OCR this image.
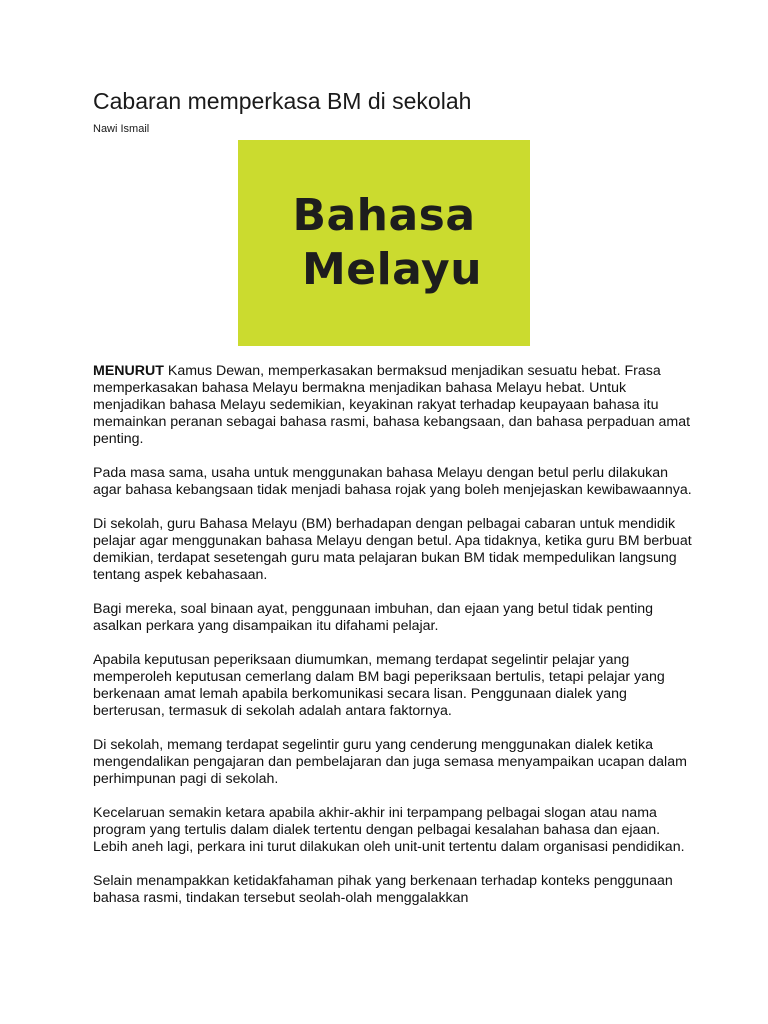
Cabaran memperkasa BM di sekolah
Nawi Ismail
Bahasa
Melayu

MENURUT Kamus Dewan, memperkasakan bermaksud menjadikan sesuatu hebat. Frasa memperkasakan bahasa Melayu bermakna menjadikan bahasa Melayu hebat. Untuk menjadikan bahasa Melayu sedemikian, keyakinan rakyat terhadap keupayaan bahasa itu memainkan peranan sebagai bahasa rasmi, bahasa kebangsaan, dan bahasa perpaduan amat penting.

Pada masa sama, usaha untuk menggunakan bahasa Melayu dengan betul perlu dilakukan agar bahasa kebangsaan tidak menjadi bahasa rojak yang boleh menjejaskan kewibawaannya.

Di sekolah, guru Bahasa Melayu (BM) berhadapan dengan pelbagai cabaran untuk mendidik pelajar agar menggunakan bahasa Melayu dengan betul. Apa tidaknya, ketika guru BM berbuat demikian, terdapat sesetengah guru mata pelajaran bukan BM tidak mempedulikan langsung tentang aspek kebahasaan.

Bagi mereka, soal binaan ayat, penggunaan imbuhan, dan ejaan yang betul tidak penting asalkan perkara yang disampaikan itu difahami pelajar.

Apabila keputusan peperiksaan diumumkan, memang terdapat segelintir pelajar yang memperoleh keputusan cemerlang dalam BM bagi peperiksaan bertulis, tetapi pelajar yang berkenaan amat lemah apabila berkomunikasi secara lisan. Penggunaan dialek yang berterusan, termasuk di sekolah adalah antara faktornya.

Di sekolah, memang terdapat segelintir guru yang cenderung menggunakan dialek ketika mengendalikan pengajaran dan pembelajaran dan juga semasa menyampaikan ucapan dalam perhimpunan pagi di sekolah.

Kecelaruan semakin ketara apabila akhir-akhir ini terpampang pelbagai slogan atau nama program yang tertulis dalam dialek tertentu dengan pelbagai kesalahan bahasa dan ejaan. Lebih aneh lagi, perkara ini turut dilakukan oleh unit-unit tertentu dalam organisasi pendidikan.

Selain menampakkan ketidakfahaman pihak yang berkenaan terhadap konteks penggunaan bahasa rasmi, tindakan tersebut seolah-olah menggalakkan
